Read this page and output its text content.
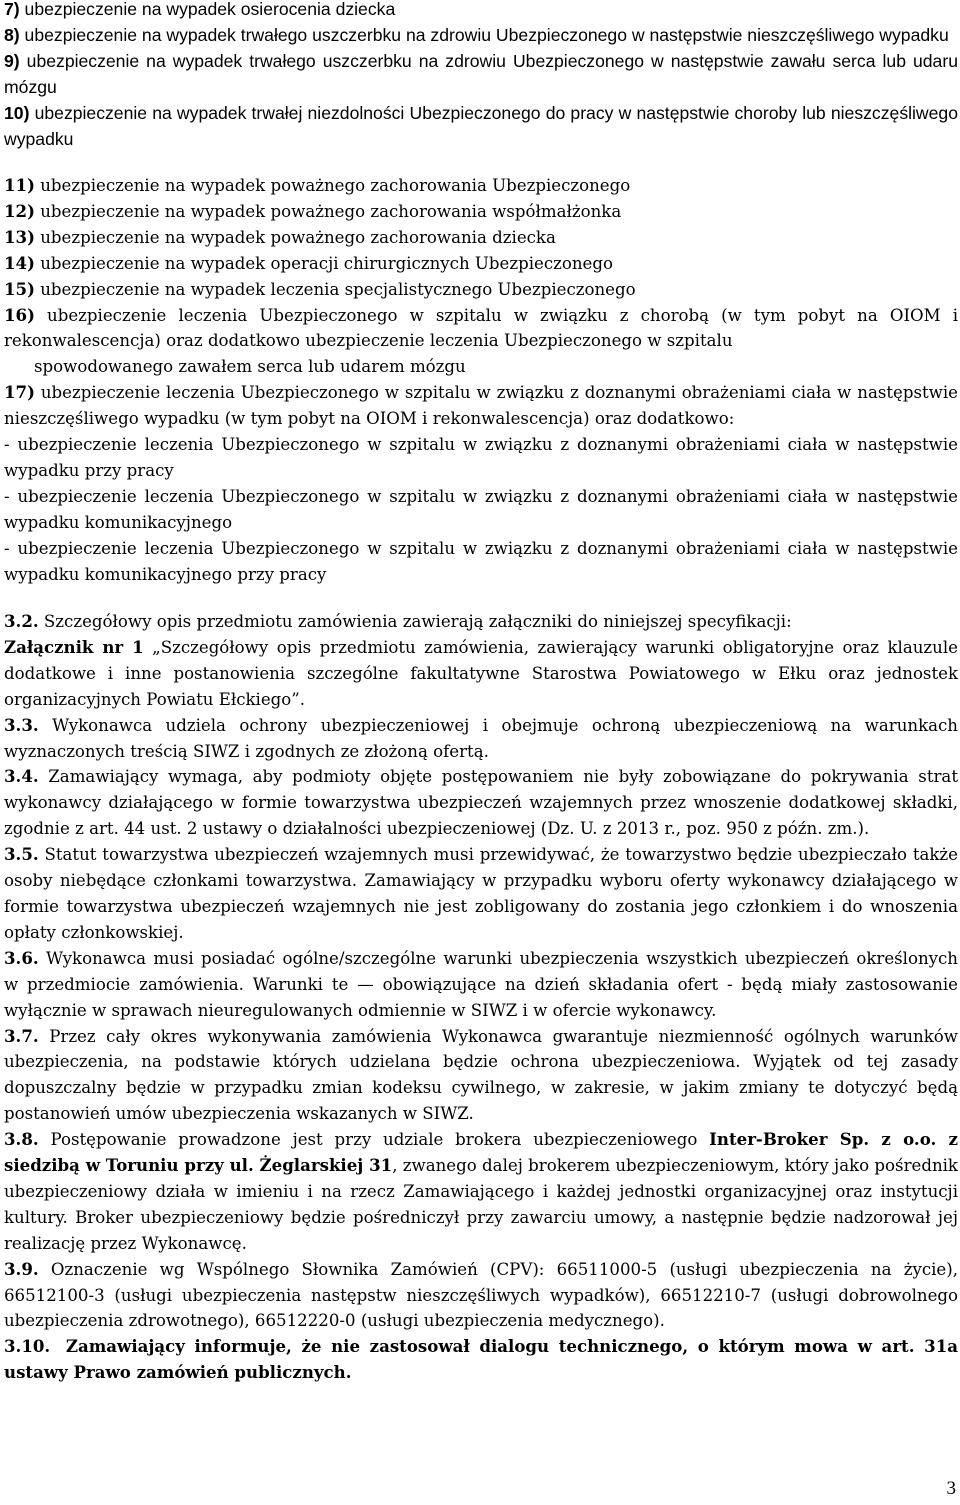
7) ubezpieczenie na wypadek osierocenia dziecka

8) ubezpieczenie na wypadek trwałego uszczerbku na zdrowiu Ubezpieczonego w następstwie nieszczęśliwego wypadku

9) ubezpieczenie na wypadek trwałego uszczerbku na zdrowiu Ubezpieczonego w następstwie zawału serca lub udaru mózgu

10) ubezpieczenie na wypadek trwałej niezdolności Ubezpieczonego do pracy w następstwie choroby lub nieszczęśliwego wypadku

11) ubezpieczenie na wypadek poważnego zachorowania Ubezpieczonego

12) ubezpieczenie na wypadek poważnego zachorowania współmałżonka

13) ubezpieczenie na wypadek poważnego zachorowania dziecka

14) ubezpieczenie na wypadek operacji chirurgicznych Ubezpieczonego

15) ubezpieczenie na wypadek leczenia specjalistycznego Ubezpieczonego

16) ubezpieczenie leczenia Ubezpieczonego w szpitalu w związku z chorobą (w tym pobyt na OIOM i rekonwalescencja) oraz dodatkowo ubezpieczenie leczenia Ubezpieczonego w szpitalu

spowodowanego zawałem serca lub udarem mózgu

17) ubezpieczenie leczenia Ubezpieczonego w szpitalu w związku z doznanymi obrażeniami ciała w następstwie nieszczęśliwego wypadku (w tym pobyt na OIOM i rekonwalescencja) oraz dodatkowo:

- ubezpieczenie leczenia Ubezpieczonego w szpitalu w związku z doznanymi obrażeniami ciała w następstwie wypadku przy pracy

- ubezpieczenie leczenia Ubezpieczonego w szpitalu w związku z doznanymi obrażeniami ciała w następstwie wypadku komunikacyjnego

- ubezpieczenie leczenia Ubezpieczonego w szpitalu w związku z doznanymi obrażeniami ciała w następstwie wypadku komunikacyjnego przy pracy

3.2. Szczegółowy opis przedmiotu zamówienia zawierają załączniki do niniejszej specyfikacji:

Załącznik nr 1 „Szczegółowy opis przedmiotu zamówienia, zawierający warunki obligatoryjne oraz klauzule dodatkowe i inne postanowienia szczególne fakultatywne Starostwa Powiatowego w Ełku oraz jednostek organizacyjnych Powiatu Ełckiego”.

3.3. Wykonawca udziela ochrony ubezpieczeniowej i obejmuje ochroną ubezpieczeniową na warunkach wyznaczonych treścią SIWZ i zgodnych ze złożoną ofertą.

3.4. Zamawiający wymaga, aby podmioty objęte postępowaniem nie były zobowiązane do pokrywania strat wykonawcy działającego w formie towarzystwa ubezpieczeń wzajemnych przez wnoszenie dodatkowej składki, zgodnie z art. 44 ust. 2 ustawy o działalności ubezpieczeniowej (Dz. U. z 2013 r., poz. 950 z późn. zm.).

3.5. Statut towarzystwa ubezpieczeń wzajemnych musi przewidywać, że towarzystwo będzie ubezpieczało także osoby niebędące członkami towarzystwa. Zamawiający w przypadku wyboru oferty wykonawcy działającego w formie towarzystwa ubezpieczeń wzajemnych nie jest zobligowany do zostania jego członkiem i do wnoszenia opłaty członkowskiej.

3.6. Wykonawca musi posiadać ogólne/szczególne warunki ubezpieczenia wszystkich ubezpieczeń określonych w przedmiocie zamówienia. Warunki te — obowiązujące na dzień składania ofert - będą miały zastosowanie wyłącznie w sprawach nieuregulowanych odmiennie w SIWZ i w ofercie wykonawcy.

3.7. Przez cały okres wykonywania zamówienia Wykonawca gwarantuje niezmienność ogólnych warunków ubezpieczenia, na podstawie których udzielana będzie ochrona ubezpieczeniowa. Wyjątek od tej zasady dopuszczalny będzie w przypadku zmian kodeksu cywilnego, w zakresie, w jakim zmiany te dotyczyć będą postanowień umów ubezpieczenia wskazanych w SIWZ.

3.8. Postępowanie prowadzone jest przy udziale brokera ubezpieczeniowego Inter-Broker Sp. z o.o. z siedzibą w Toruniu przy ul. Żeglarskiej 31, zwanego dalej brokerem ubezpieczeniowym, który jako pośrednik ubezpieczeniowy działa w imieniu i na rzecz Zamawiającego i każdej jednostki organizacyjnej oraz instytucji kultury. Broker ubezpieczeniowy będzie pośredniczył przy zawarciu umowy, a następnie będzie nadzorował jej realizację przez Wykonawcę.

3.9. Oznaczenie wg Wspólnego Słownika Zamówień (CPV): 66511000-5 (usługi ubezpieczenia na życie), 66512100-3 (usługi ubezpieczenia następstw nieszczęśliwych wypadków), 66512210-7 (usługi dobrowolnego ubezpieczenia zdrowotnego), 66512220-0 (usługi ubezpieczenia medycznego).

3.10. Zamawiający informuje, że nie zastosował dialogu technicznego, o którym mowa w art. 31a ustawy Prawo zamówień publicznych.

3
